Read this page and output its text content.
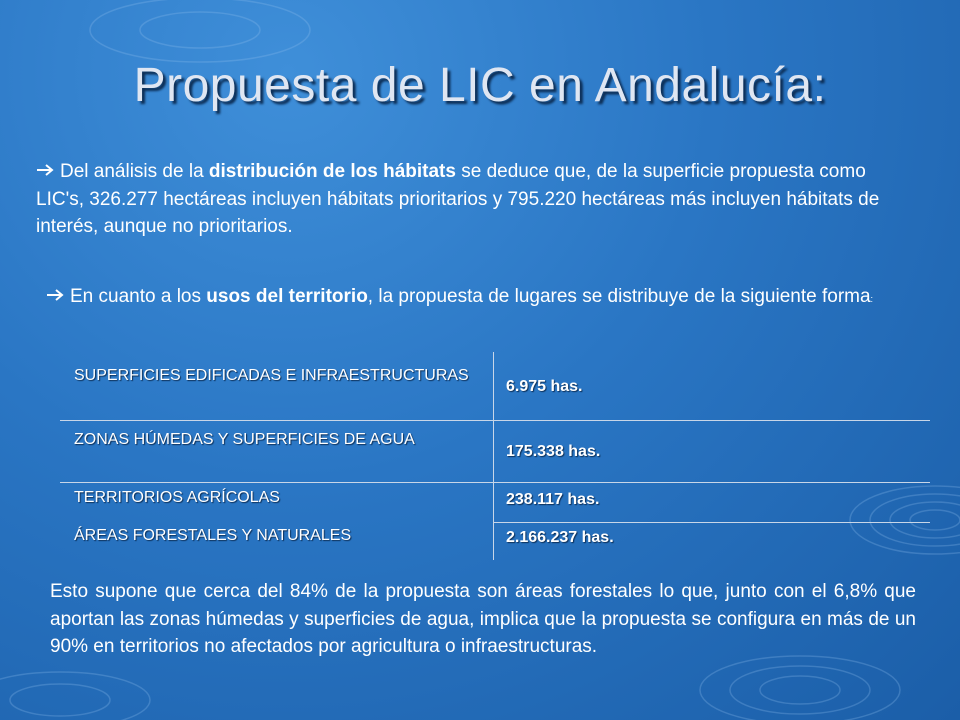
Propuesta de LIC en Andalucía:
Del análisis de la distribución de los hábitats se deduce que, de la superficie propuesta como LIC's, 326.277 hectáreas incluyen hábitats prioritarios y 795.220 hectáreas más incluyen hábitats de interés, aunque no prioritarios.
En cuanto a los usos del territorio, la propuesta de lugares se distribuye de la siguiente forma:
SUPERFICIES EDIFICADAS E INFRAESTRUCTURAS
6.975 has.
ZONAS HÚMEDAS Y SUPERFICIES DE AGUA
175.338 has.
TERRITORIOS AGRÍCOLAS	238.117 has.
ÁREAS FORESTALES Y NATURALES	2.166.237 has.
Esto supone que cerca del 84% de la propuesta son áreas forestales lo que, junto con el 6,8% que aportan las zonas húmedas y superficies de agua, implica que la propuesta se configura en más de un 90% en territorios no afectados por agricultura o infraestructuras.
